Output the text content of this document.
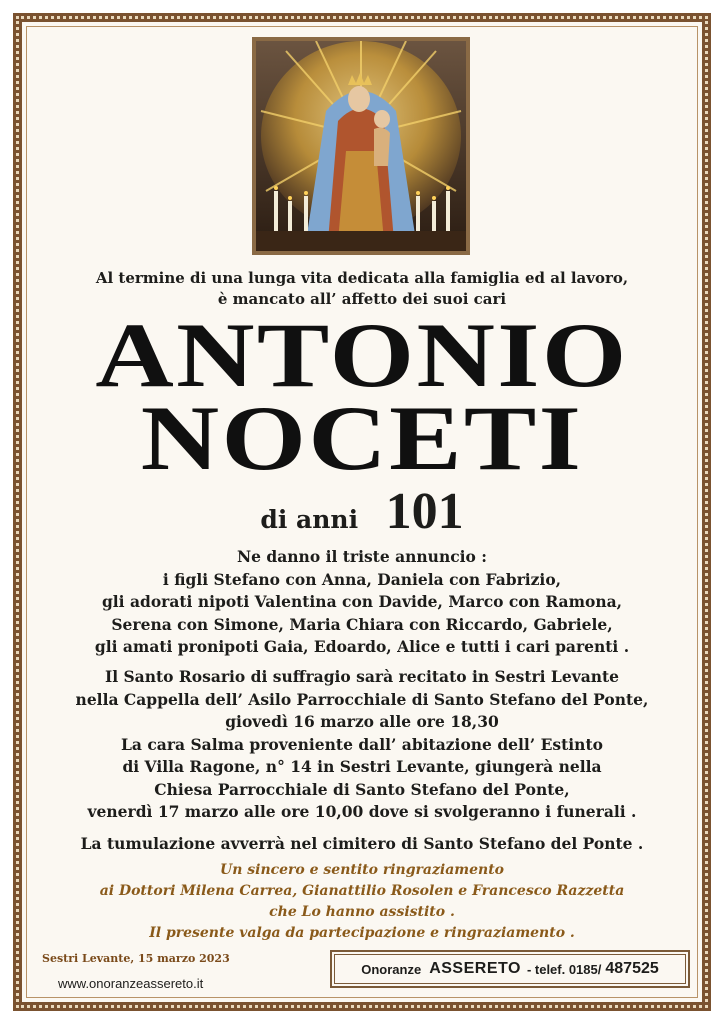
Al termine di una lunga vita dedicata alla famiglia ed al lavoro,
è mancato all’ affetto dei suoi cari
ANTONIO
NOCETI
di anni 101
Ne danno il triste annuncio :
i figli Stefano con Anna, Daniela con Fabrizio,
gli adorati nipoti Valentina con Davide, Marco con Ramona,
Serena con Simone, Maria Chiara con Riccardo, Gabriele,
gli amati pronipoti Gaia, Edoardo, Alice e tutti i cari parenti .
Il Santo Rosario di suffragio sarà recitato in Sestri Levante
nella Cappella dell’ Asilo Parrocchiale di Santo Stefano del Ponte,
giovedì 16 marzo alle ore 18,30
La cara Salma proveniente dall’ abitazione dell’ Estinto
di Villa Ragone, n° 14 in Sestri Levante, giungerà nella
Chiesa Parrocchiale di Santo Stefano del Ponte,
venerdì 17 marzo alle ore 10,00 dove si svolgeranno i funerali .
La tumulazione avverrà nel cimitero di Santo Stefano del Ponte .
Un sincero e sentito ringraziamento
ai Dottori Milena Carrea, Gianattilio Rosolen e Francesco Razzetta
che Lo hanno assistito .
Il presente valga da partecipazione e ringraziamento .
Sestri Levante, 15 marzo 2023
www.onoranzeassereto.it
Onoranze ASSERETO - telef. 0185/ 487525
